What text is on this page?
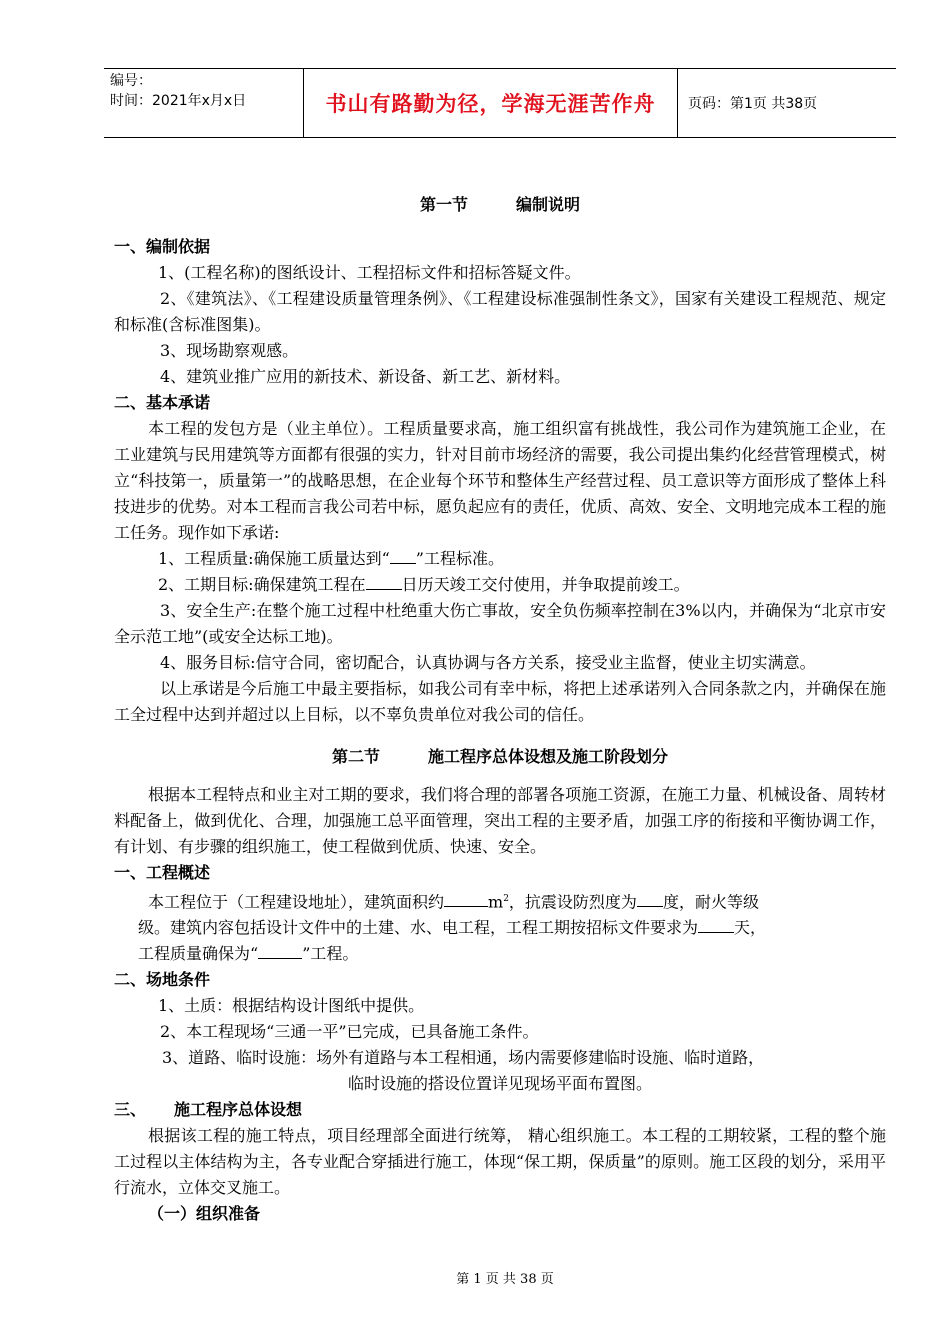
编号：
时间：2021年x月x日	书山有路勤为径，学海无涯苦作舟	页码：第1页 共38页
第一节	编制说明
一、编制依据
1、(工程名称)的图纸设计、工程招标文件和招标答疑文件。
2、《建筑法》、《工程建设质量管理条例》、《工程建设标准强制性条文》，国家有关建设工程规范、规定和标准(含标准图集)。
3、现场勘察观感。
4、建筑业推广应用的新技术、新设备、新工艺、新材料。
二、基本承诺
本工程的发包方是（业主单位）。工程质量要求高，施工组织富有挑战性，我公司作为建筑施工企业，在工业建筑与民用建筑等方面都有很强的实力，针对目前市场经济的需要，我公司提出集约化经营管理模式，树立“科技第一，质量第一”的战略思想，在企业每个环节和整体生产经营过程、员工意识等方面形成了整体上科技进步的优势。对本工程而言我公司若中标，愿负起应有的责任，优质、高效、安全、文明地完成本工程的施工任务。现作如下承诺:
1、工程质量:确保施工质量达到“ ”工程标准。
2、工期目标:确保建筑工程在 日历天竣工交付使用，并争取提前竣工。
3、安全生产:在整个施工过程中杜绝重大伤亡事故，安全负伤频率控制在3%以内，并确保为“北京市安全示范工地”(或安全达标工地)。
4、服务目标:信守合同，密切配合，认真协调与各方关系，接受业主监督，使业主切实满意。
以上承诺是今后施工中最主要指标，如我公司有幸中标，将把上述承诺列入合同条款之内，并确保在施工全过程中达到并超过以上目标，以不辜负贵单位对我公司的信任。
第二节	施工程序总体设想及施工阶段划分
根据本工程特点和业主对工期的要求，我们将合理的部署各项施工资源，在施工力量、机械设备、周转材料配备上，做到优化、合理，加强施工总平面管理，突出工程的主要矛盾，加强工序的衔接和平衡协调工作，有计划、有步骤的组织施工，使工程做到优质、快速、安全。
一、工程概述
本工程位于（工程建设地址），建筑面积约	$m^2$，抗震设防烈度为 度，耐火等级
级。建筑内容包括设计文件中的土建、水、电工程，工程工期按招标文件要求为 天，
工程质量确保为“	”工程。
二、场地条件
1、土质：根据结构设计图纸中提供。
2、本工程现场“三通一平”已完成，已具备施工条件。
3、道路、临时设施：场外有道路与本工程相通，场内需要修建临时设施、临时道路，
临时设施的搭设位置详见现场平面布置图。
三、 施工程序总体设想
根据该工程的施工特点，项目经理部全面进行统筹， 精心组织施工。本工程的工期较紧，工程的整个施工过程以主体结构为主，各专业配合穿插进行施工，体现“保工期，保质量”的原则。施工区段的划分，采用平行流水，立体交叉施工。
（一）组织准备
第 1 页 共 38 页
